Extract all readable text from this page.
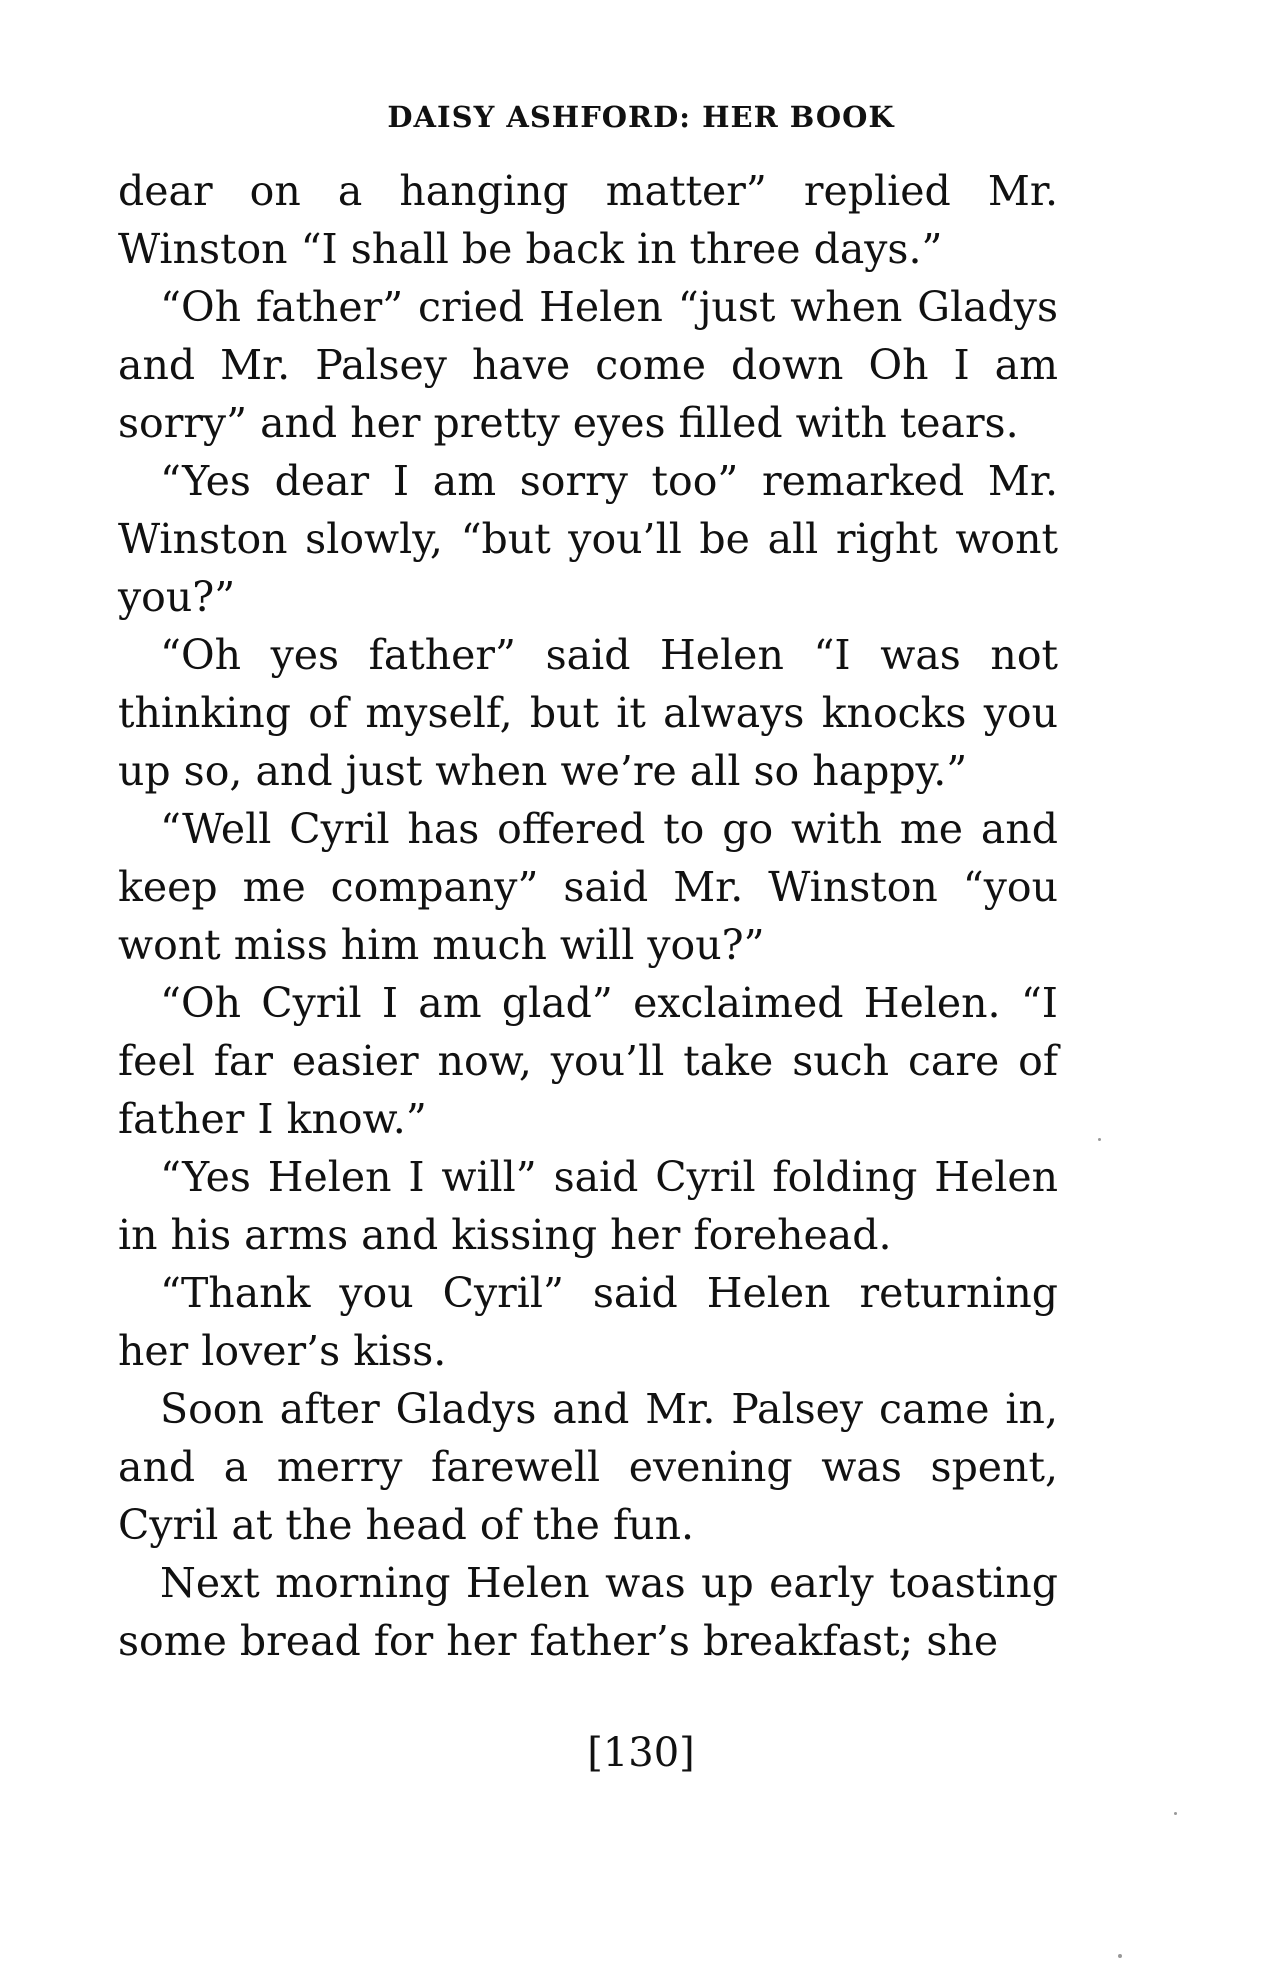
DAISY ASHFORD: HER BOOK

dear on a hanging matter” replied Mr. Winston “I shall be back in three days.”

“Oh father” cried Helen “just when Gladys and Mr. Palsey have come down Oh I am sorry” and her pretty eyes filled with tears.

“Yes dear I am sorry too” remarked Mr. Winston slowly, “but you’ll be all right wont you?”

“Oh yes father” said Helen “I was not thinking of myself, but it always knocks you up so, and just when we’re all so happy.”

“Well Cyril has offered to go with me and keep me company” said Mr. Winston “you wont miss him much will you?”

“Oh Cyril I am glad” exclaimed Helen. “I feel far easier now, you’ll take such care of father I know.”

“Yes Helen I will” said Cyril folding Helen in his arms and kissing her forehead.

“Thank you Cyril” said Helen returning her lover’s kiss.

Soon after Gladys and Mr. Palsey came in, and a merry farewell evening was spent, Cyril at the head of the fun.

Next morning Helen was up early toasting some bread for her father’s breakfast; she

[130]
